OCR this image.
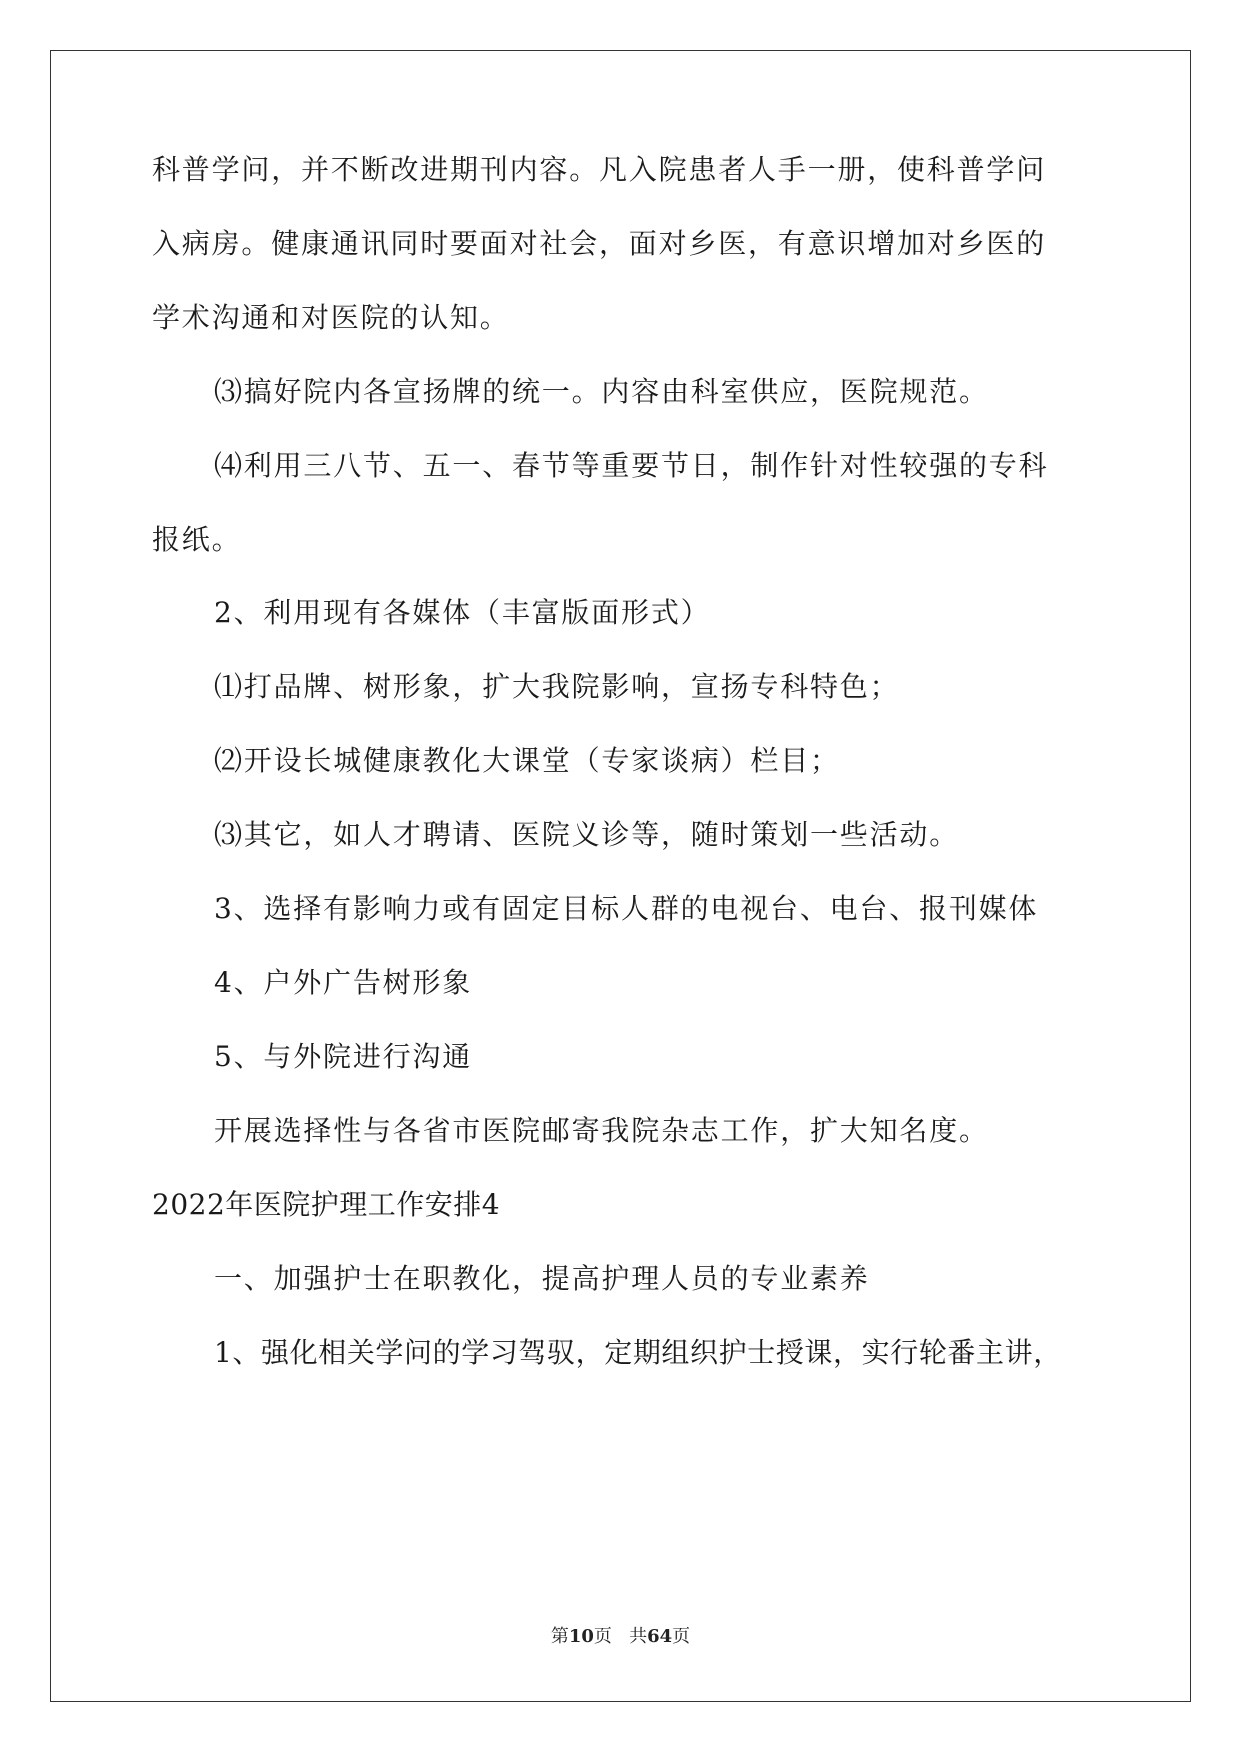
科普学问，并不断改进期刊内容。凡入院患者人手一册，使科普学问
入病房。健康通讯同时要面对社会，面对乡医，有意识增加对乡医的
学术沟通和对医院的认知。
⑶搞好院内各宣扬牌的统一。内容由科室供应，医院规范。
⑷利用三八节、五一、春节等重要节日，制作针对性较强的专科
报纸。
2、利用现有各媒体（丰富版面形式）
⑴打品牌、树形象，扩大我院影响，宣扬专科特色；
⑵开设长城健康教化大课堂（专家谈病）栏目；
⑶其它，如人才聘请、医院义诊等，随时策划一些活动。
3、选择有影响力或有固定目标人群的电视台、电台、报刊媒体
4、户外广告树形象
5、与外院进行沟通
开展选择性与各省市医院邮寄我院杂志工作，扩大知名度。
2022年医院护理工作安排4
一、加强护士在职教化，提高护理人员的专业素养
1、强化相关学问的学习驾驭，定期组织护士授课，实行轮番主讲，
第10页   共64页
